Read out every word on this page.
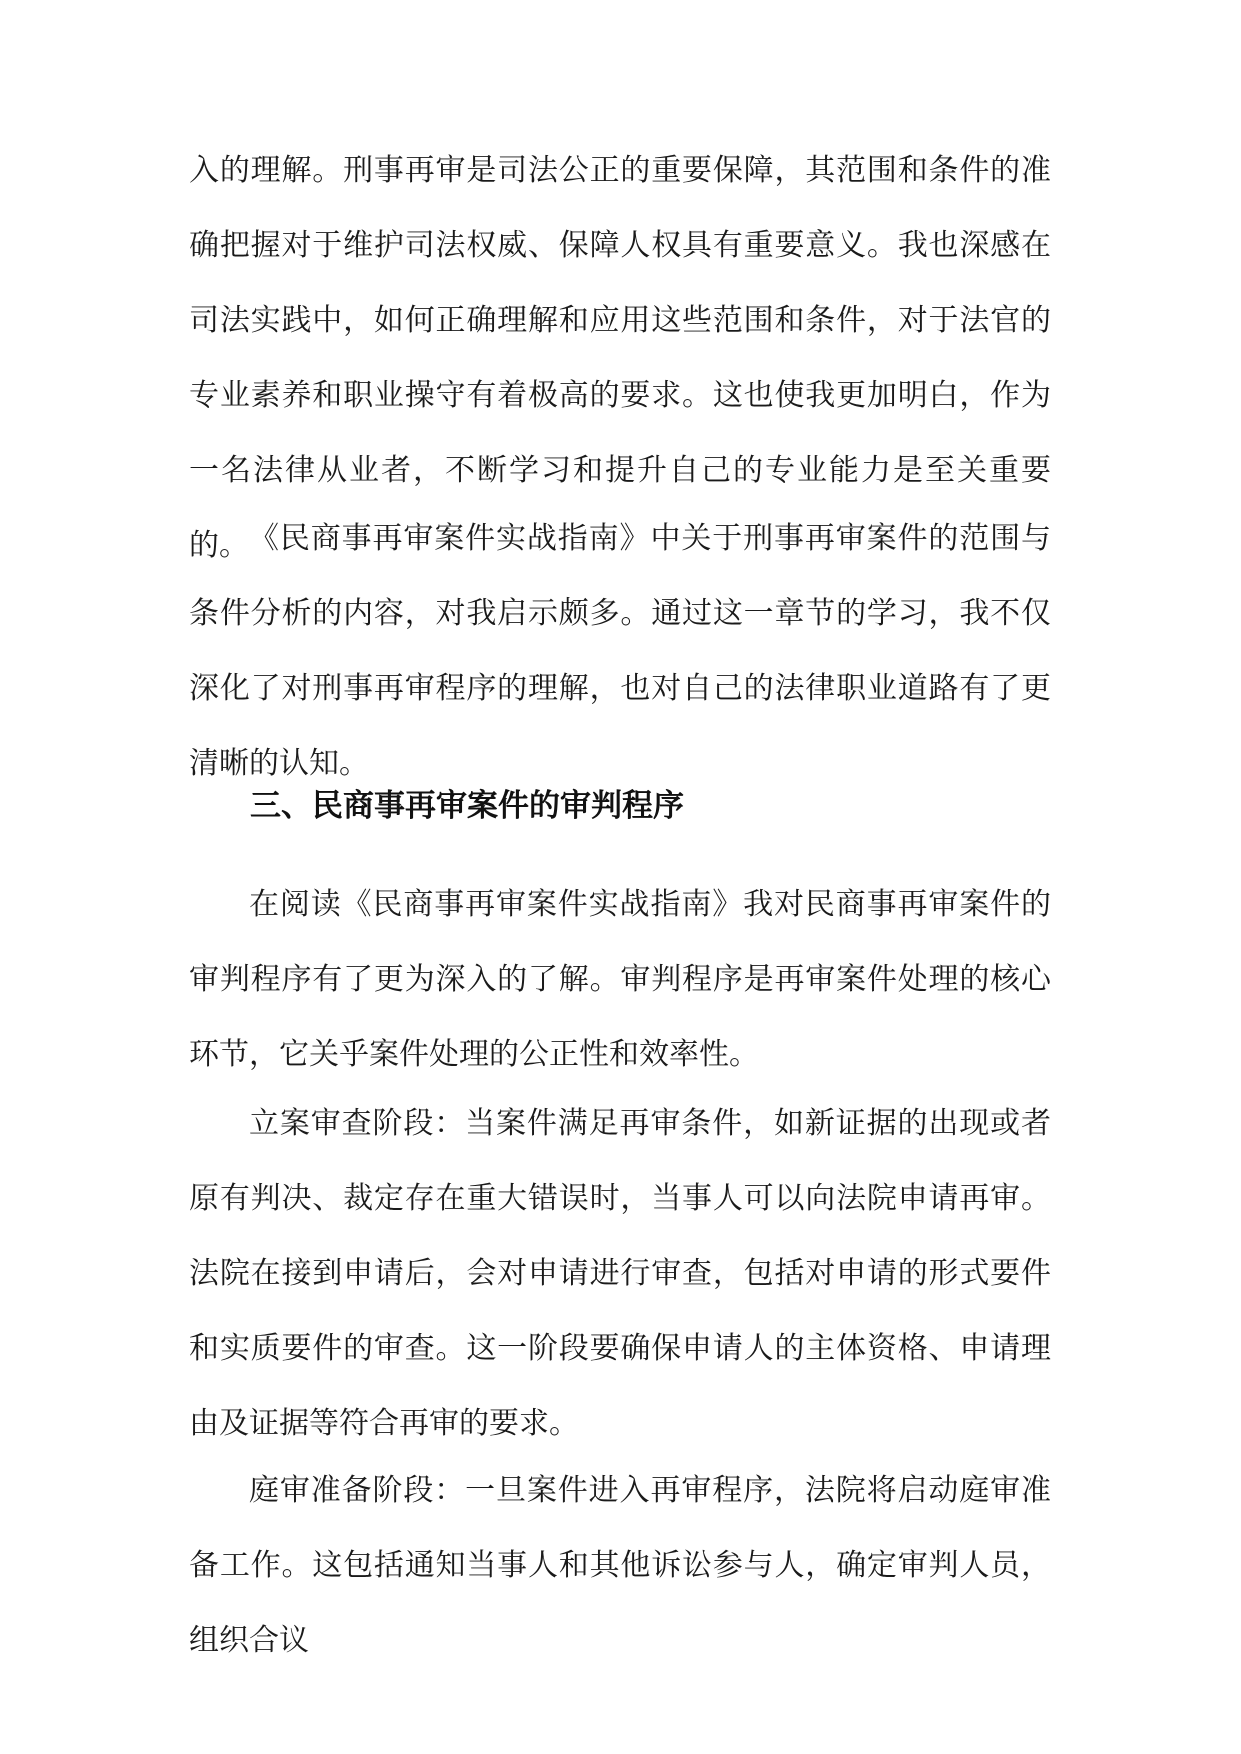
入的理解。刑事再审是司法公正的重要保障，其范围和条件的准确把握对于维护司法权威、保障人权具有重要意义。我也深感在司法实践中，如何正确理解和应用这些范围和条件，对于法官的专业素养和职业操守有着极高的要求。这也使我更加明白，作为一名法律从业者，不断学习和提升自己的专业能力是至关重要的。 《民商事再审案件实战指南》中关于刑事再审案件的范围与条件分析的内容，对我启示颇多。通过这一章节的学习，我不仅深化了对刑事再审程序的理解，也对自己的法律职业道路有了更清晰的认知。

三、民商事再审案件的审判程序

在阅读《民商事再审案件实战指南》我对民商事再审案件的审判程序有了更为深入的了解。审判程序是再审案件处理的核心环节，它关乎案件处理的公正性和效率性。

立案审查阶段：当案件满足再审条件，如新证据的出现或者原有判决、裁定存在重大错误时，当事人可以向法院申请再审。法院在接到申请后，会对申请进行审查，包括对申请的形式要件和实质要件的审查。这一阶段要确保申请人的主体资格、申请理由及证据等符合再审的要求。

庭审准备阶段：一旦案件进入再审程序，法院将启动庭审准备工作。这包括通知当事人和其他诉讼参与人，确定审判人员，组织合议
